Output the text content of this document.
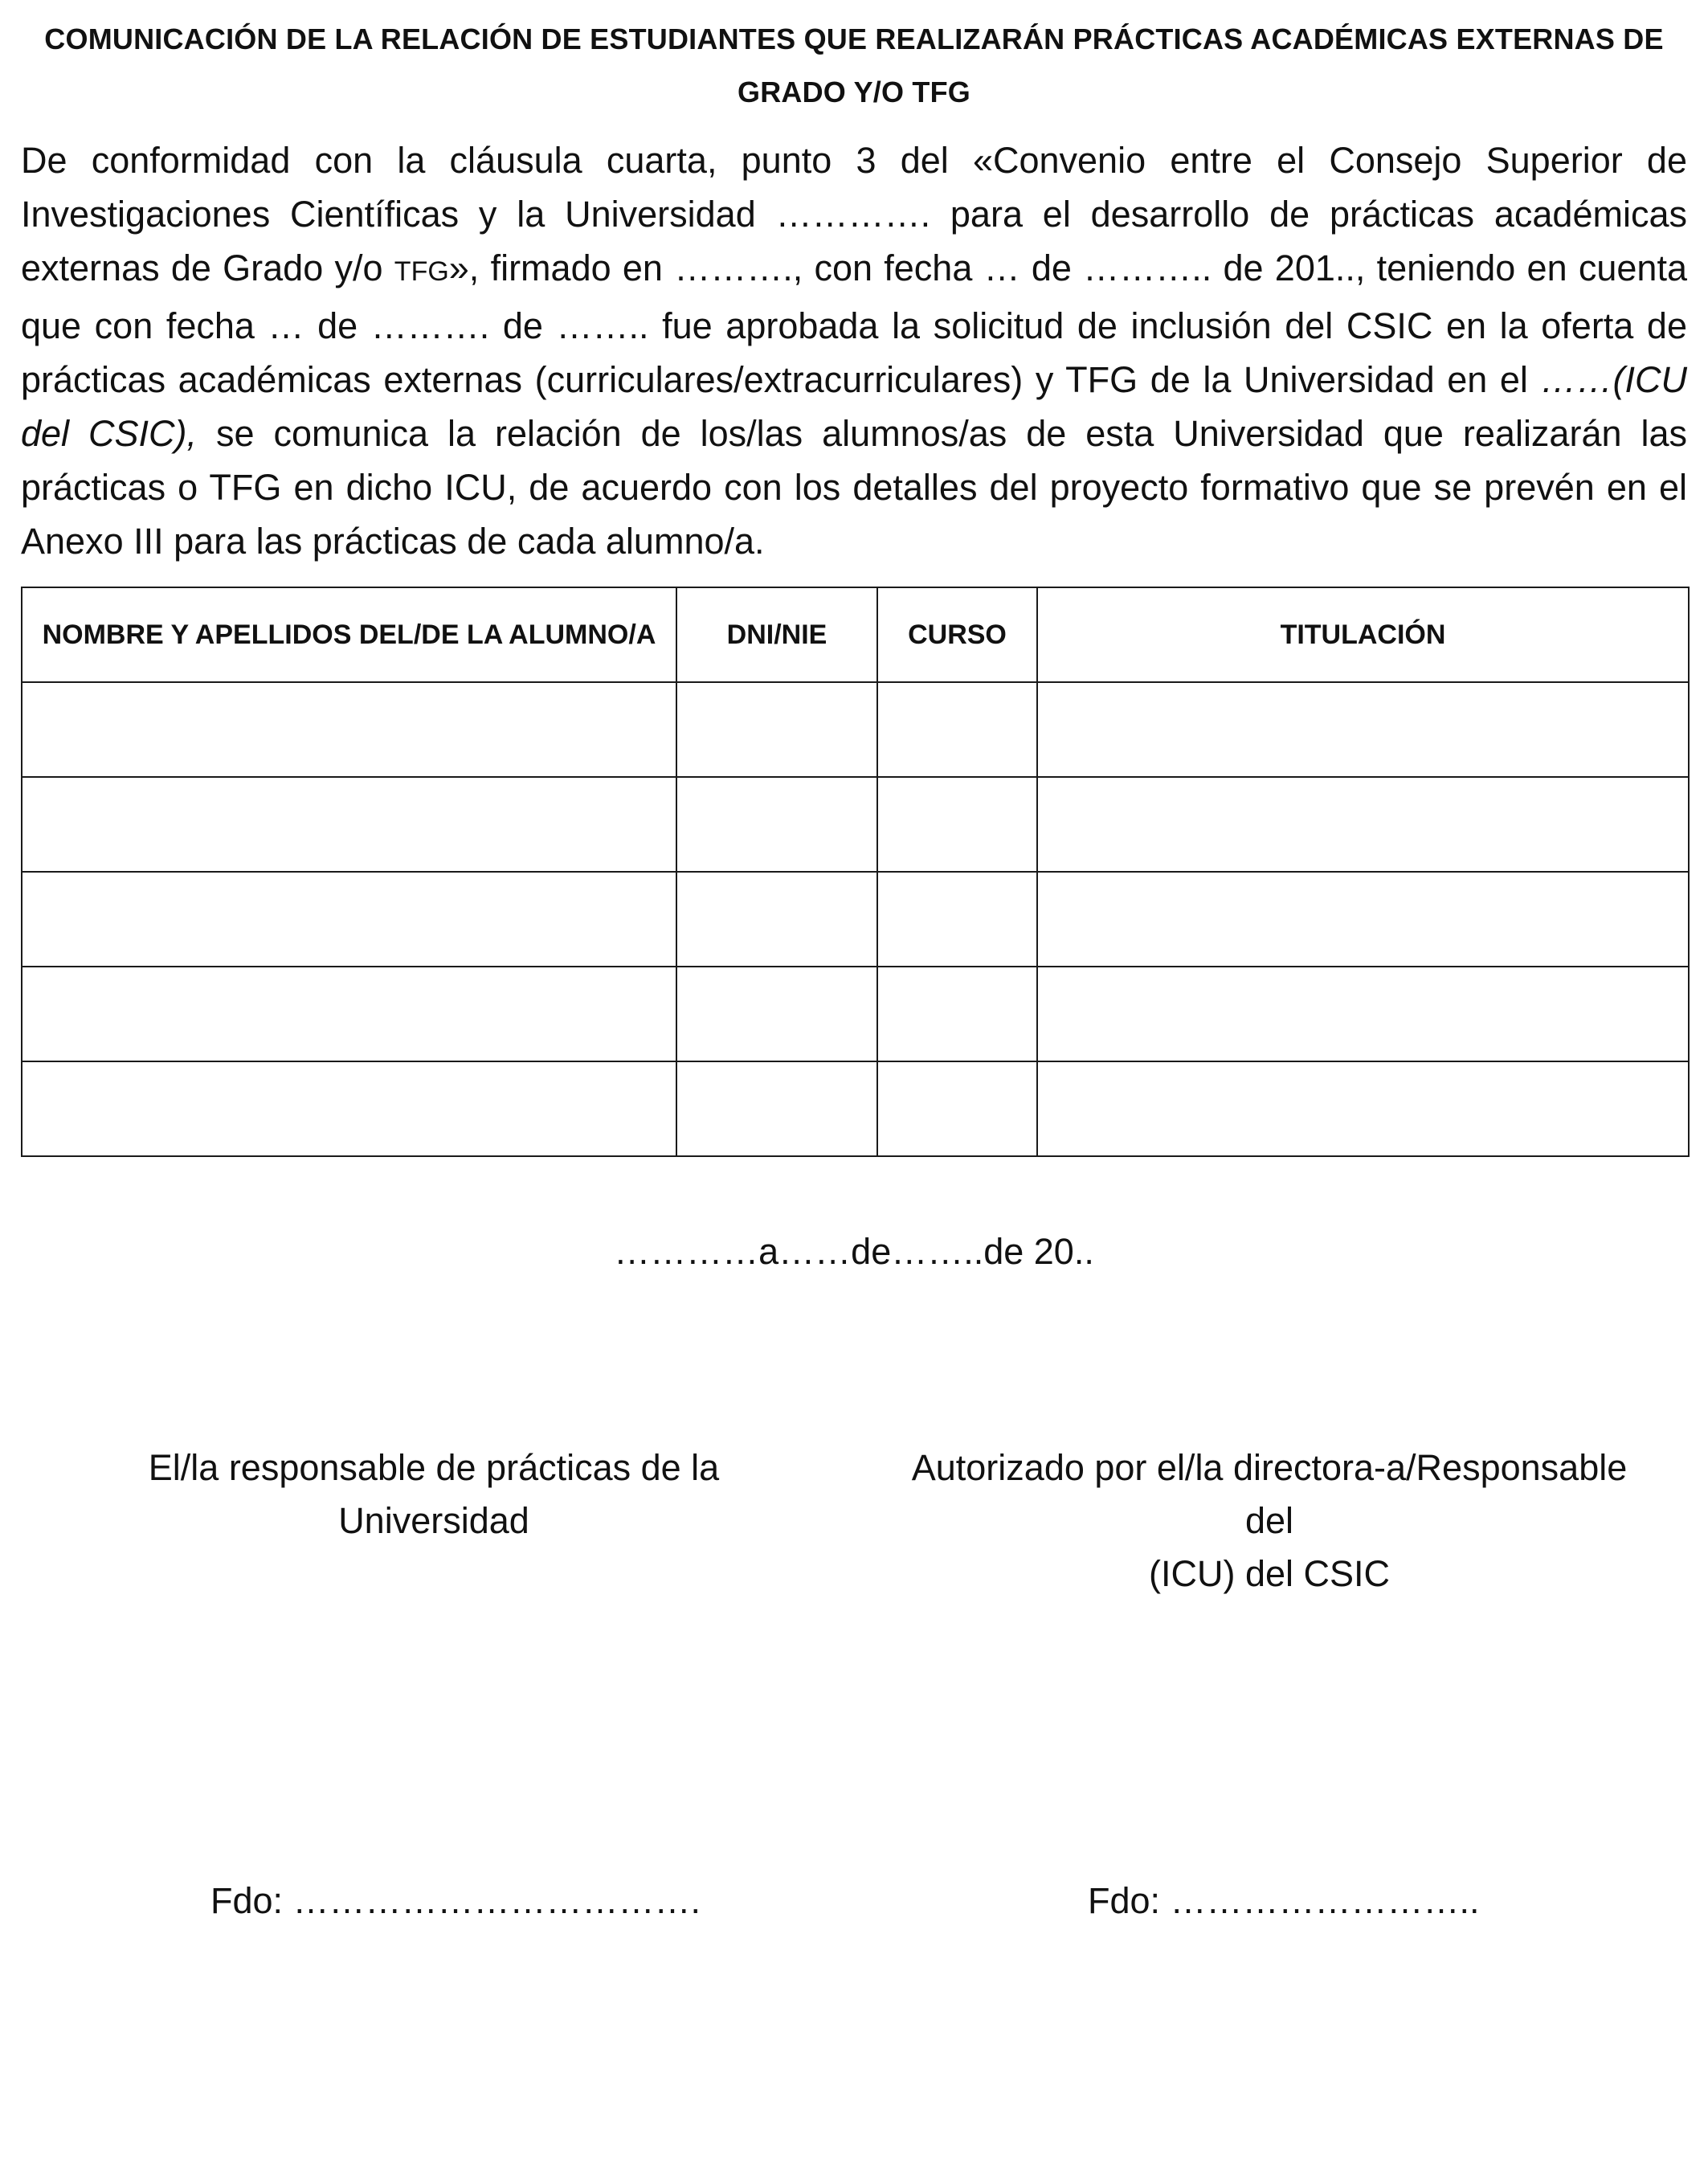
COMUNICACIÓN DE LA RELACIÓN DE ESTUDIANTES QUE REALIZARÁN PRÁCTICAS ACADÉMICAS EXTERNAS DE GRADO Y/O TFG
De conformidad con la cláusula cuarta, punto 3 del «Convenio entre el Consejo Superior de Investigaciones Científicas y la Universidad …………. para el desarrollo de prácticas académicas externas de Grado y/o TFG», firmado en ………., con fecha … de ……….. de 201.., teniendo en cuenta que con fecha … de ………. de …….. fue aprobada la solicitud de inclusión del CSIC en la oferta de prácticas académicas externas (curriculares/extracurriculares) y TFG de la Universidad en el ……(ICU del CSIC), se comunica la relación de los/las alumnos/as de esta Universidad que realizarán las prácticas o TFG en dicho ICU, de acuerdo con los detalles del proyecto formativo que se prevén en el Anexo III para las prácticas de cada alumno/a.
NOMBRE Y APELLIDOS DEL/DE LA ALUMNO/A	DNI/NIE	CURSO	TITULACIÓN

…………a……de……..de 20..
El/la responsable de prácticas de la Universidad
Autorizado por el/la directora-a/Responsable del
(ICU) del CSIC
Fdo: …………………………….	Fdo: ……………………..
